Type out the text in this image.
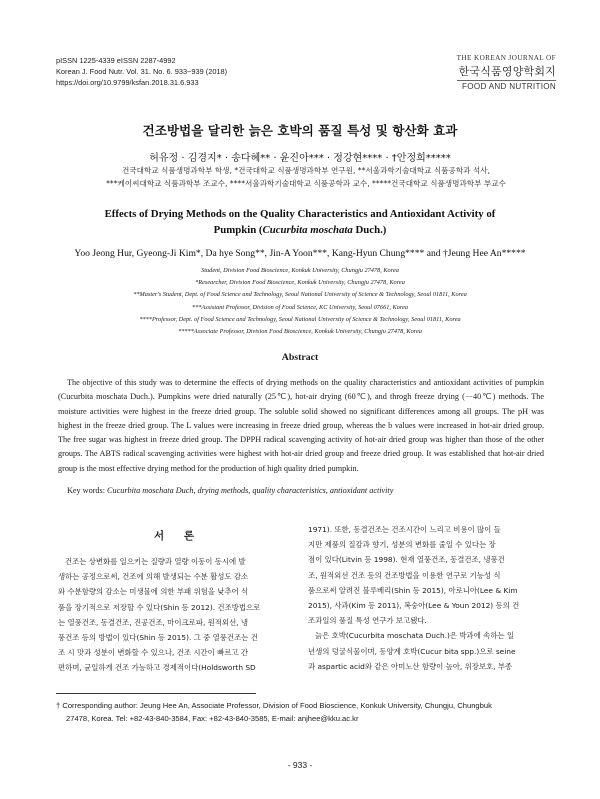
pISSN 1225-4339 eISSN 2287-4992
Korean J. Food Nutr. Vol. 31. No. 6. 933~939 (2018)
https://doi.org/10.9799/ksfan.2018.31.6.933
THE KOREAN JOURNAL OF
한국식품영양학회지
FOOD AND NUTRITION
건조방법을 달리한 늙은 호박의 품질 특성 및 항산화 효과
허유정 · 김경지* · 송다혜** · 윤진아*** · 정강현**** · †안정희*****
건국대학교 식품생명과학부 학생, *건국대학교 식품생명과학부 연구원, **서울과학기술대학교 식품공학과 석사,
***케이씨대학교 식품과학부 조교수, ****서울과학기술대학교 식품공학과 교수, *****건국대학교 식품생명과학부 부교수
Effects of Drying Methods on the Quality Characteristics and Antioxidant Activity of
Pumpkin (Cucurbita moschata Duch.)
Yoo Jeong Hur, Gyeong-Ji Kim*, Da hye Song**, Jin-A Yoon***, Kang-Hyun Chung**** and †Jeung Hee An*****
Student, Division Food Bioscience, Konkuk University, Chungju 27478, Korea
*Researcher, Division Food Bioscience, Konkuk University, Chungju 27478, Korea
**Master's Student, Dept. of Food Science and Technology, Seoul National University of Science & Technology, Seoul 01811, Korea
***Assistant Professor, Division of Food Science, KC University, Seoul 07661, Korea
****Professor, Dept. of Food Science and Technology, Seoul National University of Science & Technology, Seoul 01811, Korea
*****Associate Professor, Division Food Bioscience, Konkuk University, Chungju 27478, Korea
Abstract
The objective of this study was to determine the effects of drying methods on the quality characteristics and antioxidant activities of pumpkin (Cucurbita moschata Duch.). Pumpkins were dried naturally (25℃), hot-air drying (60℃), and throgh freeze drying (－40℃) methods. The moisture activities were highest in the freeze dried group. The soluble solid showed no significant differences among all groups. The pH was highest in the freeze dried group. The L values were increasing in freeze dried group, whereas the b values were increased in hot-air dried group. The free sugar was highest in freeze dried group. The DPPH radical scavenging activity of hot-air dried group was higher than those of the other groups. The ABTS radical scavenging activities were highest with hot-air dried group and freeze dried group. It was established that hot-air dried group is the most effective drying method for the production of high quality dried pumpkin.
Key words: Cucurbita moschata Duch, drying methods, quality characteristics, antioxidant activity
서 론
건조는 상변화를 일으키는 질량과 열량 이동이 동시에 발
생하는 공정으로써, 건조에 의해 발생되는 수분 활성도 감소
와 수분함량의 감소는 미생물에 의한 부패 위험을 낮추어 식
품을 장기적으로 저장할 수 있다(Shin 등 2012). 건조방법으로
는 열풍건조, 동결건조, 진공건조, 마이크로파, 원적외선, 냉
풍건조 등의 방법이 있다(Shin 등 2015). 그 중 열풍건조는 건
조 시 맛과 성분이 변화할 수 있으나, 건조 시간이 빠르고 간
편하며, 균일하게 건조 가능하고 경제적이다(Holdsworth SD
1971). 또한, 동결건조는 건조시간이 느리고 비용이 많이 들
지만 제품의 질감과 향기, 성분의 변화를 줄일 수 있다는 장
점이 있다(Litvin 등 1998). 현재 열풍건조, 동결건조, 냉풍건
조, 원적외선 건조 등의 건조방법을 이용한 연구로 기능성 식
품으로써 알려진 블루베리(Shin 등 2015), 아로니아(Lee & Kim
2015), 사과(Kim 등 2011), 복숭아(Lee & Youn 2012) 등의 건
조과일의 품질 특성 연구가 보고됐다.
늙은 호박(Cucurbita moschata Duch.)은 박과에 속하는 일
년생의 덩굴식물이며, 동양계 호박(Cucur bita spp.)으로 seine
과 aspartic acid와 같은 아미노산 함량이 높아, 위장보호, 부종
† Corresponding author: Jeung Hee An, Associate Professor, Division of Food Bioscience, Konkuk University, Chungju, Chungbuk
27478, Korea. Tel: +82-43-840-3584, Fax: +82-43-840-3585, E-mail: anjhee@kku.ac.kr
- 933 -
